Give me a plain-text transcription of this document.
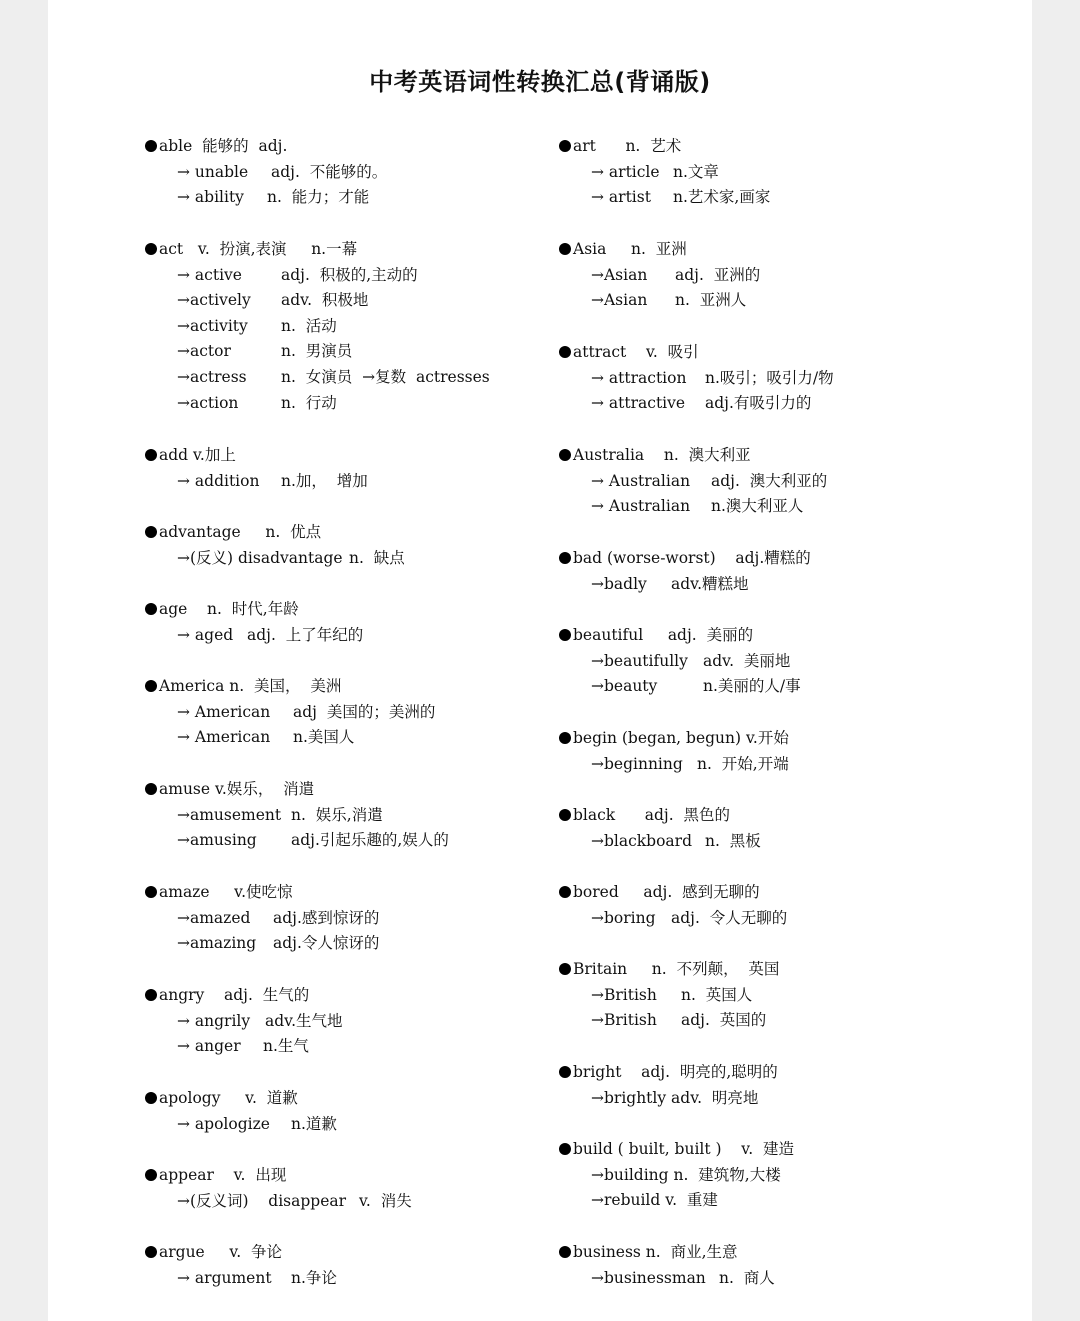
中考英语词性转换汇总(背诵版)
able  能够的  adj.
→ unable adj.  不能够的。
→ ability n.  能力；才能
act   v.  扮演,表演     n.一幕
→ active	adj.  积极的,主动的
→actively adv.  积极地
→activity n.  活动
→actor	n.  男演员
→actress n.  女演员  →复数  actresses
→action	n.  行动
add v.加上
→ addition n.加，  增加
advantage     n.  优点
→(反义) disadvantage n.  缺点
age    n.  时代,年龄
→ aged adj.  上了年纪的
America n.  美国，  美洲
→ American adj  美国的；美洲的
→ American n.美国人
amuse v.娱乐，  消遣
→amusement n.  娱乐,消遣
→amusing adj.引起乐趣的,娱人的
amaze     v.使吃惊
→amazed adj.感到惊讶的
→amazing adj.令人惊讶的
angry    adj.  生气的
→ angrily adv.生气地
→ anger n.生气
apology     v.  道歉
→ apologize n.道歉
appear    v.  出现
→(反义词)    disappear v.  消失
argue     v.  争论
→ argument n.争论
art      n.  艺术
→ article n.文章
→ artist n.艺术家,画家
Asia     n.  亚洲
→Asian adj.  亚洲的
→Asian n.  亚洲人
attract    v.  吸引
→ attraction n.吸引；吸引力/物
→ attractive adj.有吸引力的
Australia    n.  澳大利亚
→ Australian adj.  澳大利亚的
→ Australian n.澳大利亚人
bad (worse-worst)    adj.糟糕的
→badly adv.糟糕地
beautiful     adj.  美丽的
→beautifully adv.  美丽地
→beauty	n.美丽的人/事
begin (began, begun) v.开始
→beginning n.  开始,开端
black      adj.  黑色的
→blackboard n.  黑板
bored     adj.  感到无聊的
→boring adj.  令人无聊的
Britain     n.  不列颠，  英国
→British n.  英国人
→British adj.  英国的
bright    adj.  明亮的,聪明的
→brightly adv.  明亮地
build ( built, built )    v.  建造
→building n.  建筑物,大楼
→rebuild v.  重建
business n.  商业,生意
→businessman n.  商人
